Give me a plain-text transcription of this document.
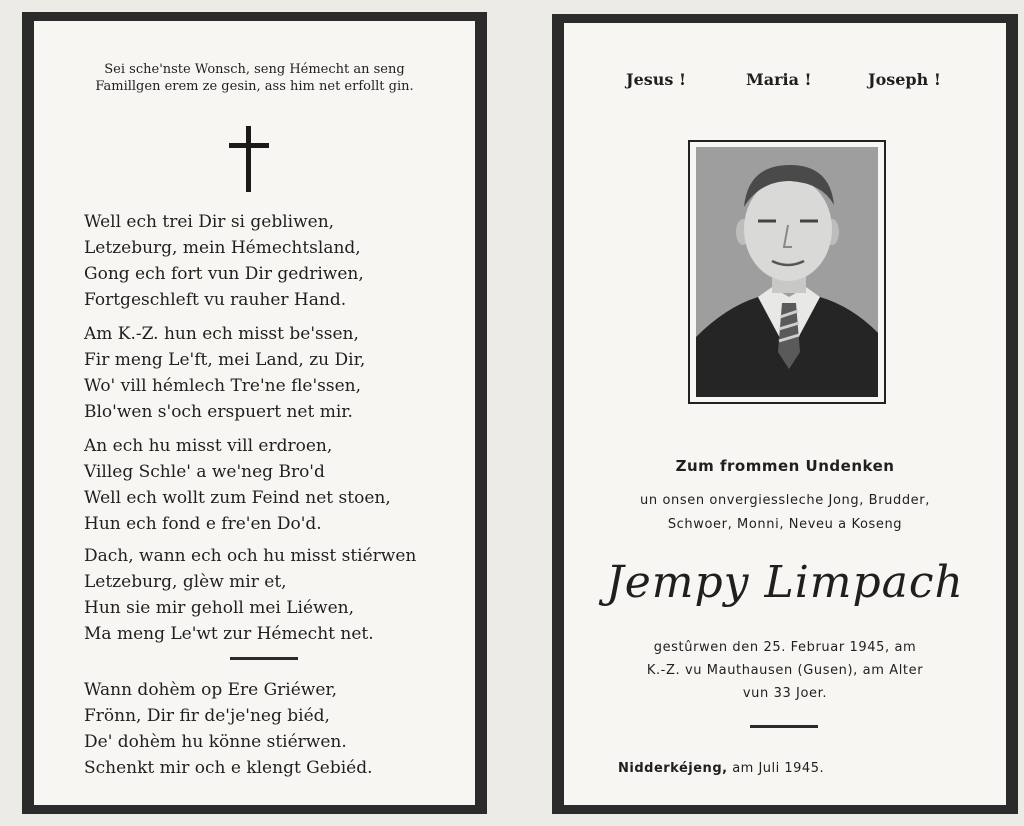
Sei sche'nste Wonsch, seng Hémecht an seng
Famillgen erem ze gesin, ass him net erfollt gin.
Well ech trei Dir si gebliwen,
Letzeburg, mein Hémechtsland,
Gong ech fort vun Dir gedriwen,
Fortgeschleft vu rauher Hand.
Am K.-Z. hun ech misst be'ssen,
Fir meng Le'ft, mei Land, zu Dir,
Wo' vill hémlech Tre'ne fle'ssen,
Blo'wen s'och erspuert net mir.
An ech hu misst vill erdroen,
Villeg Schle' a we'neg Bro'd
Well ech wollt zum Feind net stoen,
Hun ech fond e fre'en Do'd.
Dach, wann ech och hu misst stiérwen
Letzeburg, glèw mir et,
Hun sie mir geholl mei Liéwen,
Ma meng Le'wt zur Hémecht net.
Wann dohèm op Ere Griéwer,
Frönn, Dir fir de'je'neg biéd,
De' dohèm hu könne stiérwen.
Schenkt mir och e klengt Gebiéd.
Jesus !	Maria !	Joseph !
Zum frommen Undenken
un onsen onvergiessleche Jong, Brudder,
Schwoer, Monni, Neveu a Koseng
Jempy Limpach
gestûrwen den 25. Februar 1945, am
K.-Z. vu Mauthausen (Gusen), am Alter
vun 33 Joer.
Nidderkéjeng, am Juli 1945.
